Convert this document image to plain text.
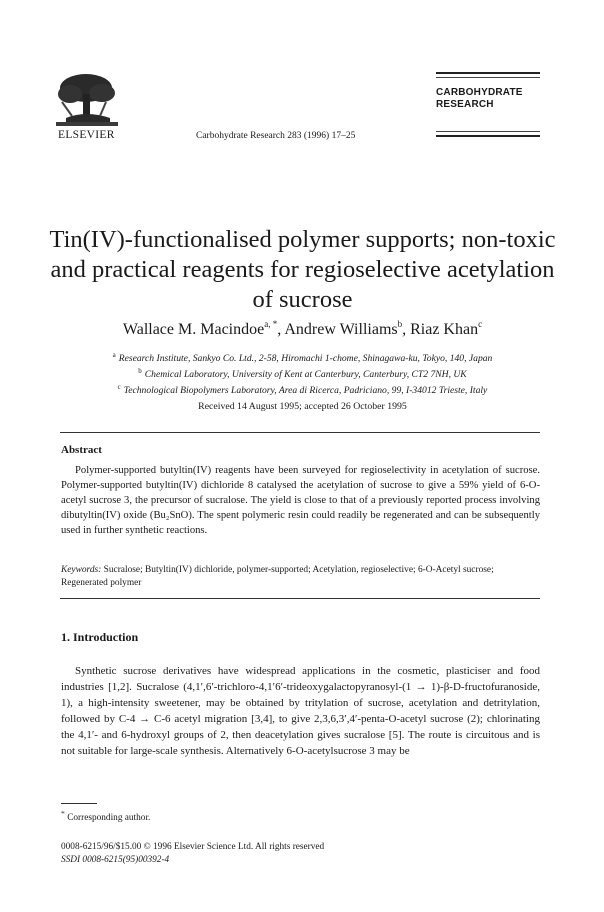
ELSEVIER	Carbohydrate Research 283 (1996) 17–25
CARBOHYDRATE
RESEARCH
Tin(IV)-functionalised polymer supports; non-toxic and practical reagents for regioselective acetylation of sucrose
Wallace M. Macindoe$^{a, *}$, Andrew Williams$^b$, Riaz Khan$^c$
$^a$ Research Institute, Sankyo Co. Ltd., 2-58, Hiromachi 1-chome, Shinagawa-ku, Tokyo, 140, Japan
$^b$ Chemical Laboratory, University of Kent at Canterbury, Canterbury, CT2 7NH, UK
$^c$ Technological Biopolymers Laboratory, Area di Ricerca, Padriciano, 99, I-34012 Trieste, Italy
Received 14 August 1995; accepted 26 October 1995
Abstract

Polymer-supported butyltin(IV) reagents have been surveyed for regioselectivity in acetylation of sucrose. Polymer-supported butyltin(IV) dichloride 8 catalysed the acetylation of sucrose to give a 59% yield of 6-O-acetyl sucrose 3, the precursor of sucralose. The yield is close to that of a previously reported process involving dibutyltin(IV) oxide (Bu₂SnO). The spent polymeric resin could readily be regenerated and can be subsequently used in further synthetic reactions.

Keywords: Sucralose; Butyltin(IV) dichloride, polymer-supported; Acetylation, regioselective; 6-O-Acetyl sucrose; Regenerated polymer
1. Introduction

Synthetic sucrose derivatives have widespread applications in the cosmetic, plasticiser and food industries [1,2]. Sucralose (4,1′,6′-trichloro-4,1′6′-trideoxygalactopyranosyl-(1 → 1)-β-D-fructofuranoside, 1), a high-intensity sweetener, may be obtained by tritylation of sucrose, acetylation and detritylation, followed by C-4 → C-6 acetyl migration [3,4], to give 2,3,6,3′,4′-penta-O-acetyl sucrose (2); chlorinating the 4,1′- and 6-hydroxyl groups of 2, then deacetylation gives sucralose [5]. The route is circuitous and is not suitable for large-scale synthesis. Alternatively 6-O-acetylsucrose 3 may be

* Corresponding author.
0008-6215/96/$15.00 © 1996 Elsevier Science Ltd. All rights reserved
SSDI 0008-6215(95)00392-4
